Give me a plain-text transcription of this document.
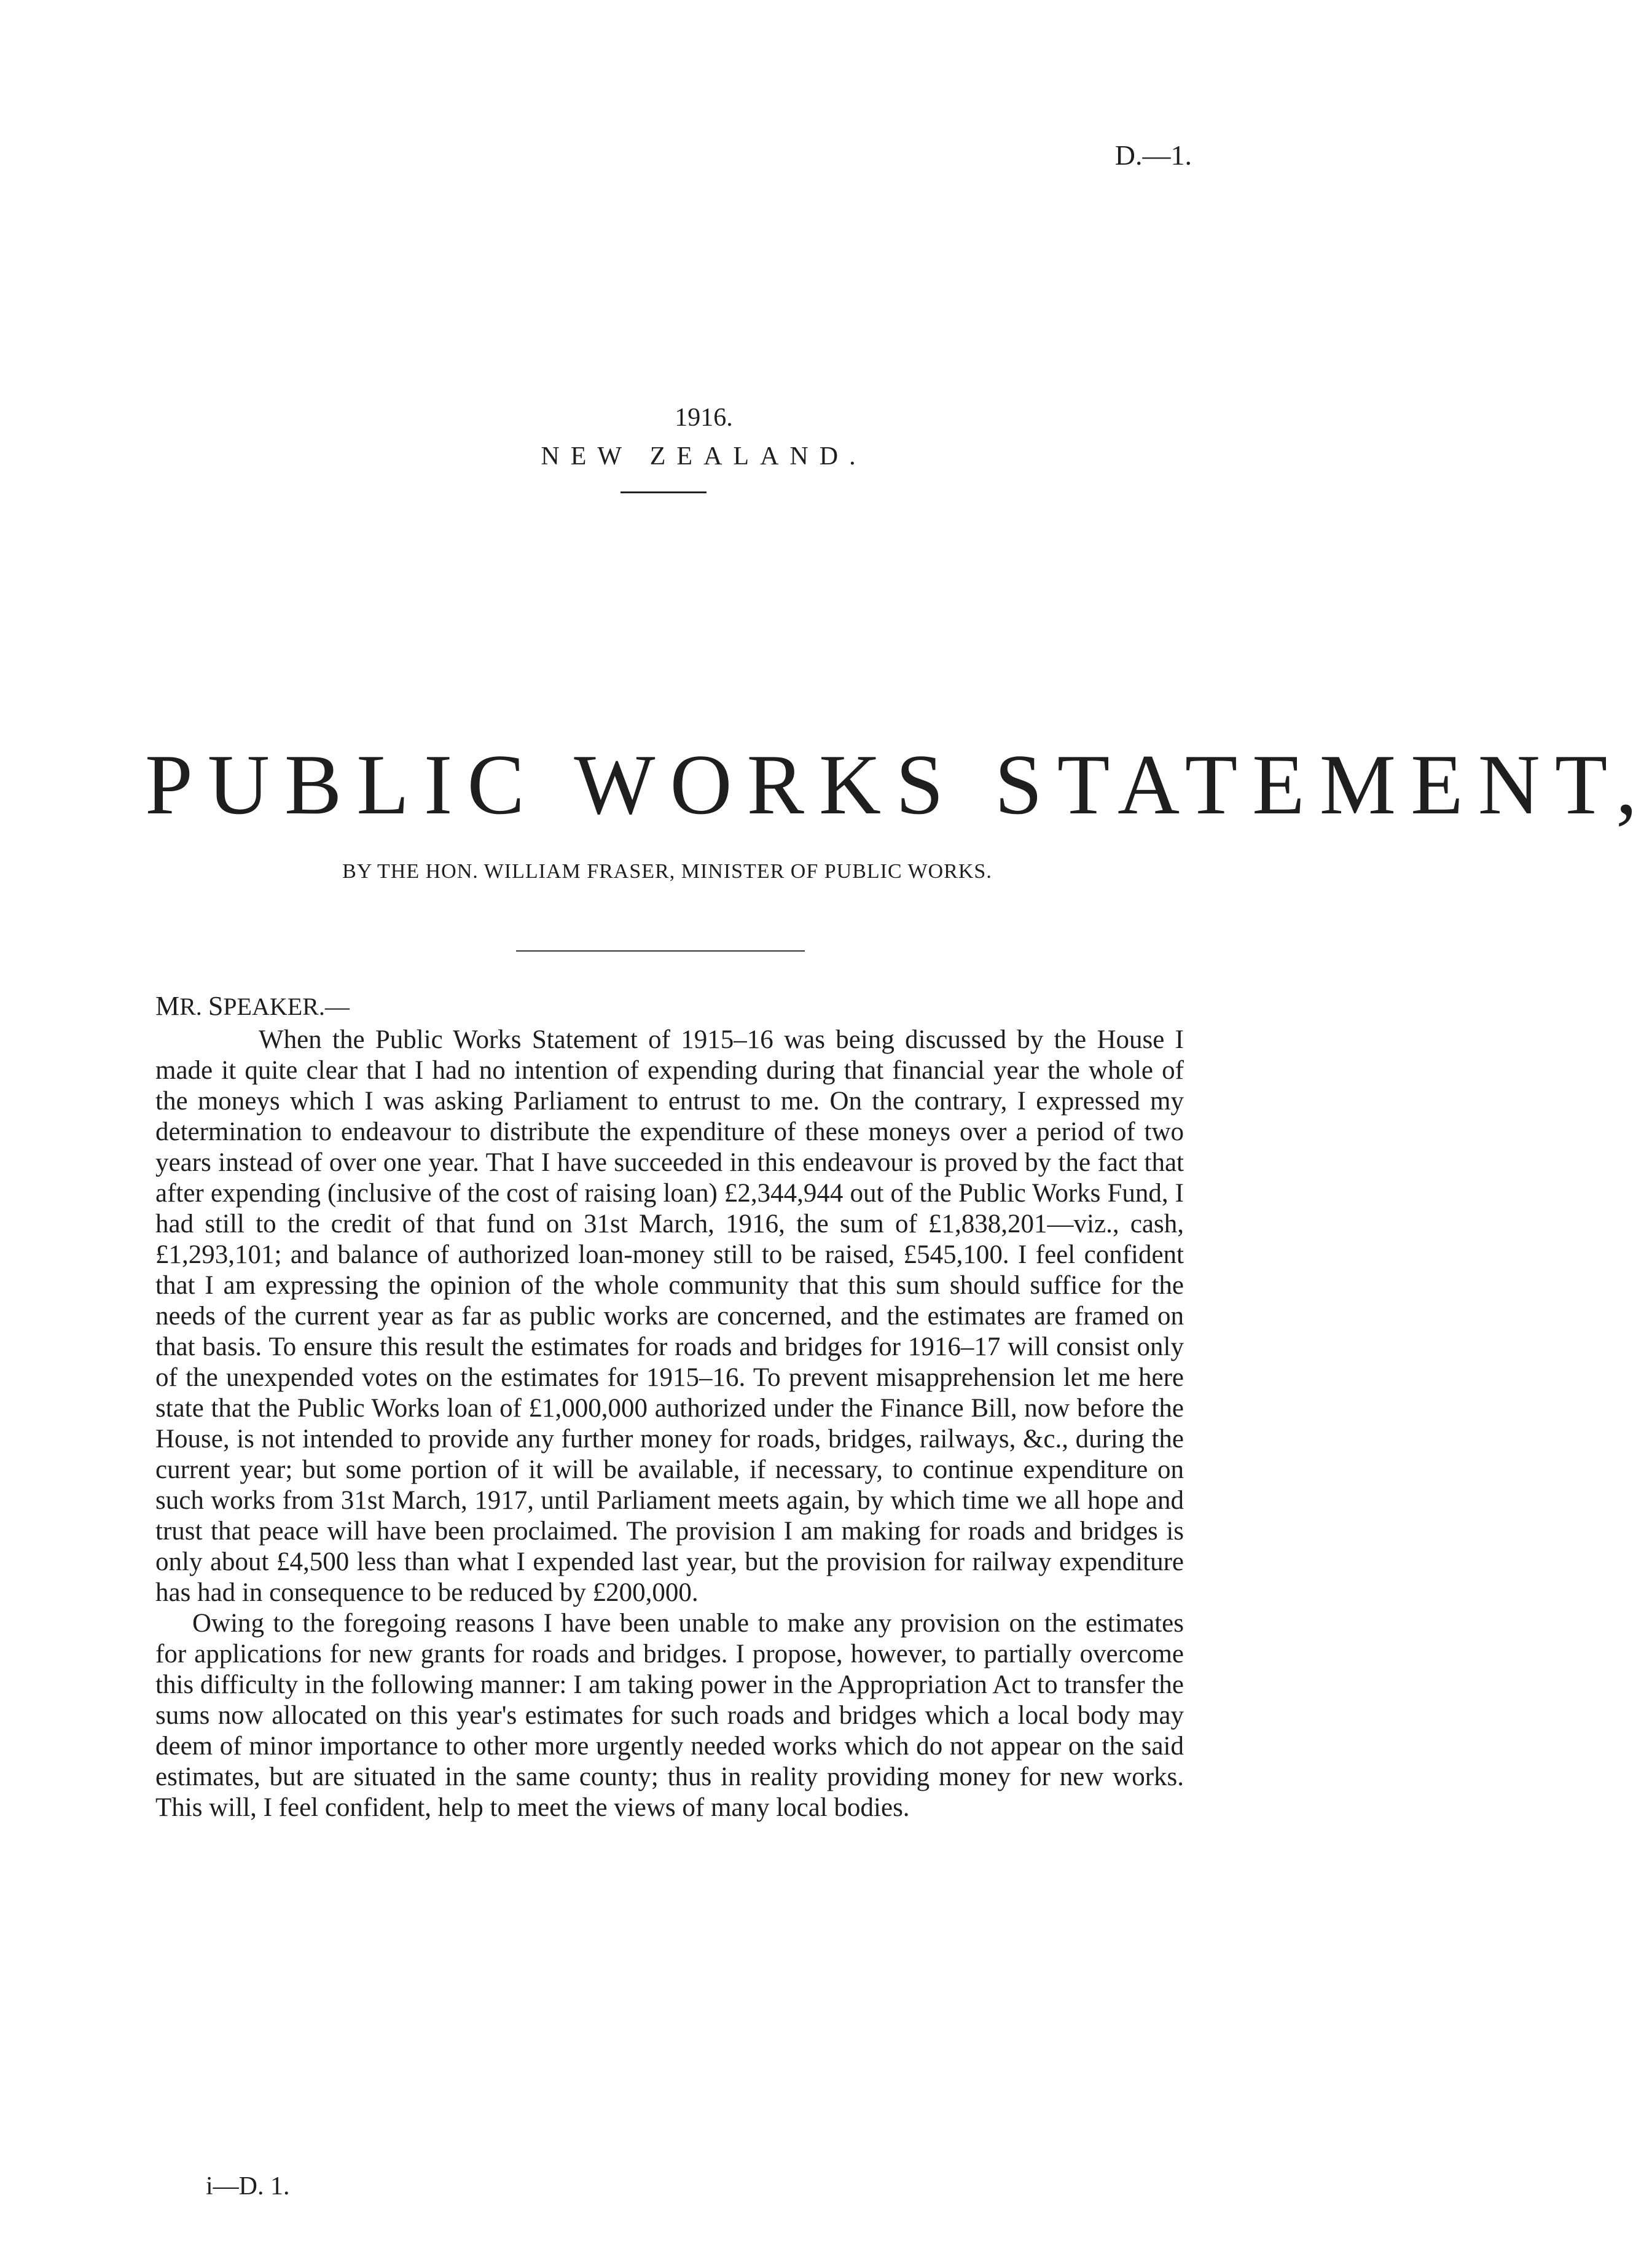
D.—1.
1916.
NEW ZEALAND.
PUBLIC WORKS STATEMENT,
BY THE HON. WILLIAM FRASER, MINISTER OF PUBLIC WORKS.
MR. SPEAKER.—

When the Public Works Statement of 1915–16 was being discussed by the House I made it quite clear that I had no intention of expending during that financial year the whole of the moneys which I was asking Parliament to entrust to me. On the contrary, I expressed my determination to endeavour to distribute the expenditure of these moneys over a period of two years instead of over one year. That I have succeeded in this endeavour is proved by the fact that after expending (inclusive of the cost of raising loan) £2,344,944 out of the Public Works Fund, I had still to the credit of that fund on 31st March, 1916, the sum of £1,838,201—viz., cash, £1,293,101; and balance of authorized loan-money still to be raised, £545,100. I feel confident that I am expressing the opinion of the whole community that this sum should suffice for the needs of the current year as far as public works are concerned, and the estimates are framed on that basis. To ensure this result the estimates for roads and bridges for 1916–17 will consist only of the unexpended votes on the estimates for 1915–16. To prevent misapprehension let me here state that the Public Works loan of £1,000,000 authorized under the Finance Bill, now before the House, is not intended to provide any further money for roads, bridges, railways, &c., during the current year; but some portion of it will be available, if necessary, to continue expenditure on such works from 31st March, 1917, until Parliament meets again, by which time we all hope and trust that peace will have been proclaimed. The provision I am making for roads and bridges is only about £4,500 less than what I expended last year, but the provision for railway expenditure has had in consequence to be reduced by £200,000.

Owing to the foregoing reasons I have been unable to make any provision on the estimates for applications for new grants for roads and bridges. I propose, however, to partially overcome this difficulty in the following manner: I am taking power in the Appropriation Act to transfer the sums now allocated on this year's estimates for such roads and bridges which a local body may deem of minor importance to other more urgently needed works which do not appear on the said estimates, but are situated in the same county; thus in reality providing money for new works. This will, I feel confident, help to meet the views of many local bodies.

i—D. 1.
